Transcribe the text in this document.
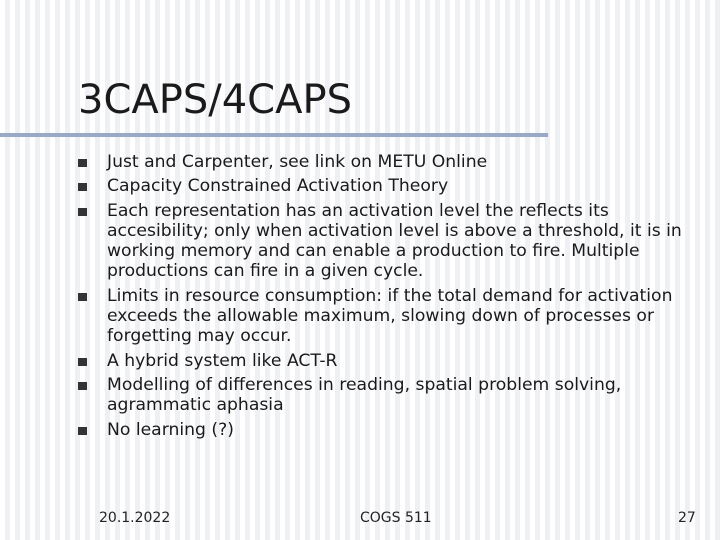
3CAPS/4CAPS
Just and Carpenter, see link on METU Online
Capacity Constrained Activation Theory
Each representation has an activation level the reflects its accesibility; only when activation level is above a threshold, it is in working memory and can enable a production to fire. Multiple productions can fire in a given cycle.
Limits in resource consumption: if the total demand for activation exceeds the allowable maximum, slowing down of processes or forgetting may occur.
A hybrid system like ACT-R
Modelling of differences in reading, spatial problem solving, agrammatic aphasia
No learning (?)
20.1.2022	COGS 511	27
